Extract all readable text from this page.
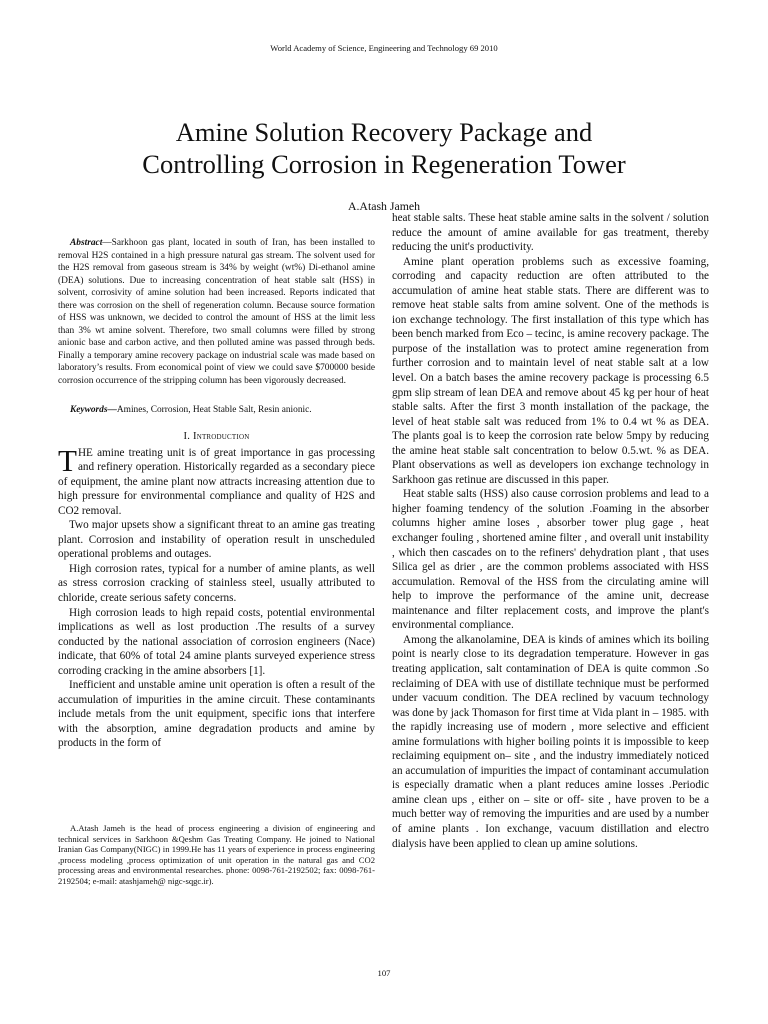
World Academy of Science, Engineering and Technology 69 2010
Amine Solution Recovery Package and
Controlling Corrosion in Regeneration Tower
A.Atash Jameh

Abstract—Sarkhoon gas plant, located in south of Iran, has been installed to removal H2S contained in a high pressure natural gas stream. The solvent used for the H2S removal from gaseous stream is 34% by weight (wt%) Di-ethanol amine (DEA) solutions. Due to increasing concentration of heat stable salt (HSS) in solvent, corrosivity of amine solution had been increased. Reports indicated that there was corrosion on the shell of regeneration column. Because source formation of HSS was unknown, we decided to control the amount of HSS at the limit less than 3% wt amine solvent. Therefore, two small columns were filled by strong anionic base and carbon active, and then polluted amine was passed through beds. Finally a temporary amine recovery package on industrial scale was made based on laboratory’s results. From economical point of view we could save $700000 beside corrosion occurrence of the stripping column has been vigorously decreased.

Keywords—Amines, Corrosion, Heat Stable Salt, Resin anionic.

I. Introduction

THE amine treating unit is of great importance in gas processing and refinery operation. Historically regarded as a secondary piece of equipment, the amine plant now attracts increasing attention due to high pressure for environmental compliance and quality of H2S and CO2 removal.

Two major upsets show a significant threat to an amine gas treating plant. Corrosion and instability of operation result in unscheduled operational problems and outages.

High corrosion rates, typical for a number of amine plants, as well as stress corrosion cracking of stainless steel, usually attributed to chloride, create serious safety concerns.

High corrosion leads to high repaid costs, potential environmental implications as well as lost production .The results of a survey conducted by the national association of corrosion engineers (Nace) indicate, that 60% of total 24 amine plants surveyed experience stress corroding cracking in the amine absorbers [1].

Inefficient and unstable amine unit operation is often a result of the accumulation of impurities in the amine circuit. These contaminants include metals from the unit equipment, specific ions that interfere with the absorption, amine degradation products and amine by products in the form of

A.Atash Jameh is the head of process engineering a division of engineering and technical services in Sarkhoon &Qeshm Gas Treating Company. He joined to National Iranian Gas Company(NIGC) in 1999.He has 11 years of experience in process engineering ,process modeling ,process optimization of unit operation in the natural gas and CO2 processing areas and environmental researches. phone: 0098-761-2192502; fax: 0098-761-2192504; e-mail: atashjameh@ nigc-sqgc.ir).

heat stable salts. These heat stable amine salts in the solvent / solution reduce the amount of amine available for gas treatment, thereby reducing the unit's productivity.

Amine plant operation problems such as excessive foaming, corroding and capacity reduction are often attributed to the accumulation of amine heat stable stats. There are different was to remove heat stable salts from amine solvent. One of the methods is ion exchange technology. The first installation of this type which has been bench marked from Eco – tecinc, is amine recovery package. The purpose of the installation was to protect amine regeneration from further corrosion and to maintain level of neat stable salt at a low level. On a batch bases the amine recovery package is processing 6.5 gpm slip stream of lean DEA and remove about 45 kg per hour of heat stable salts. After the first 3 month installation of the package, the level of heat stable salt was reduced from 1% to 0.4 wt % as DEA. The plants goal is to keep the corrosion rate below 5mpy by reducing the amine heat stable salt concentration to below 0.5.wt. % as DEA. Plant observations as well as developers ion exchange technology in Sarkhoon gas retinue are discussed in this paper.

Heat stable salts (HSS) also cause corrosion problems and lead to a higher foaming tendency of the solution .Foaming in the absorber columns higher amine loses , absorber tower plug gage , heat exchanger fouling , shortened amine filter , and overall unit instability , which then cascades on to the refiners' dehydration plant , that uses Silica gel as drier , are the common problems associated with HSS accumulation. Removal of the HSS from the circulating amine will help to improve the performance of the amine unit, decrease maintenance and filter replacement costs, and improve the plant's environmental compliance.

Among the alkanolamine, DEA is kinds of amines which its boiling point is nearly close to its degradation temperature. However in gas treating application, salt contamination of DEA is quite common .So reclaiming of DEA with use of distillate technique must be performed under vacuum condition. The DEA reclined by vacuum technology was done by jack Thomason for first time at Vida plant in – 1985. with the rapidly increasing use of modern , more selective and efficient amine formulations with higher boiling points it is impossible to keep reclaiming equipment on– site , and the industry immediately noticed an accumulation of impurities the impact of contaminant accumulation is especially dramatic when a plant reduces amine losses .Periodic amine clean ups , either on – site or off- site , have proven to be a much better way of removing the impurities and are used by a number of amine plants . Ion exchange, vacuum distillation and electro dialysis have been applied to clean up amine solutions.

107
